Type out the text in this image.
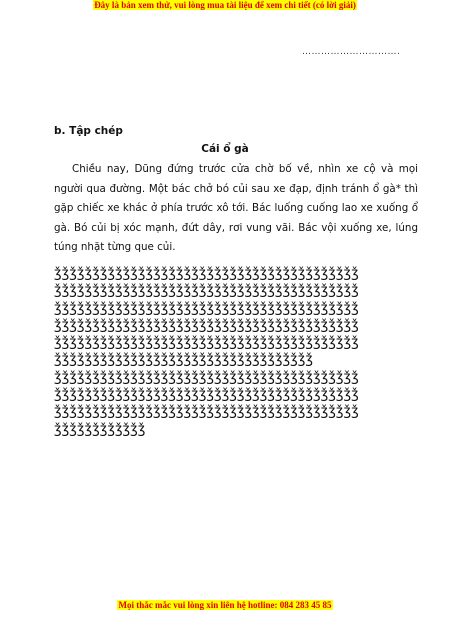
Đây là bản xem thử, vui lòng mua tài liệu để xem chi tiết (có lời giải)
………………………….
b. Tập chép
Cái ổ gà

Chiều nay, Dũng đứng trước cửa chờ bố về, nhìn xe cộ và mọi người qua đường. Một bác chở bó củi sau xe đạp, định tránh ổ gà* thì gặp chiếc xe khác ở phía trước xô tới. Bác luống cuống lao xe xuống ổ gà. Bó củi bị xóc mạnh, đứt dây, rơi vung vãi. Bác vội xuống xe, lúng túng nhặt từng que củi.

ǯǯǯǯǯǯǯǯǯǯǯǯǯǯǯǯǯǯǯǯǯǯǯǯǯǯǯǯǯǯǯǯǯǯǯǯǯǯǯǯ
ǯǯǯǯǯǯǯǯǯǯǯǯǯǯǯǯǯǯǯǯǯǯǯǯǯǯǯǯǯǯǯǯǯǯǯǯǯǯǯǯ
ǯǯǯǯǯǯǯǯǯǯǯǯǯǯǯǯǯǯǯǯǯǯǯǯǯǯǯǯǯǯǯǯǯǯǯǯǯǯǯǯ
ǯǯǯǯǯǯǯǯǯǯǯǯǯǯǯǯǯǯǯǯǯǯǯǯǯǯǯǯǯǯǯǯǯǯǯǯǯǯǯǯ
ǯǯǯǯǯǯǯǯǯǯǯǯǯǯǯǯǯǯǯǯǯǯǯǯǯǯǯǯǯǯǯǯǯǯǯǯǯǯǯǯ
ǯǯǯǯǯǯǯǯǯǯǯǯǯǯǯǯǯǯǯǯǯǯǯǯǯǯǯǯǯǯǯǯǯǯ
ǯǯǯǯǯǯǯǯǯǯǯǯǯǯǯǯǯǯǯǯǯǯǯǯǯǯǯǯǯǯǯǯǯǯǯǯǯǯǯǯ
ǯǯǯǯǯǯǯǯǯǯǯǯǯǯǯǯǯǯǯǯǯǯǯǯǯǯǯǯǯǯǯǯǯǯǯǯǯǯǯǯ
ǯǯǯǯǯǯǯǯǯǯǯǯǯǯǯǯǯǯǯǯǯǯǯǯǯǯǯǯǯǯǯǯǯǯǯǯǯǯǯǯ
ǯǯǯǯǯǯǯǯǯǯǯǯ
Mọi thắc mắc vui lòng xin liên hệ hotline: 084 283 45 85
